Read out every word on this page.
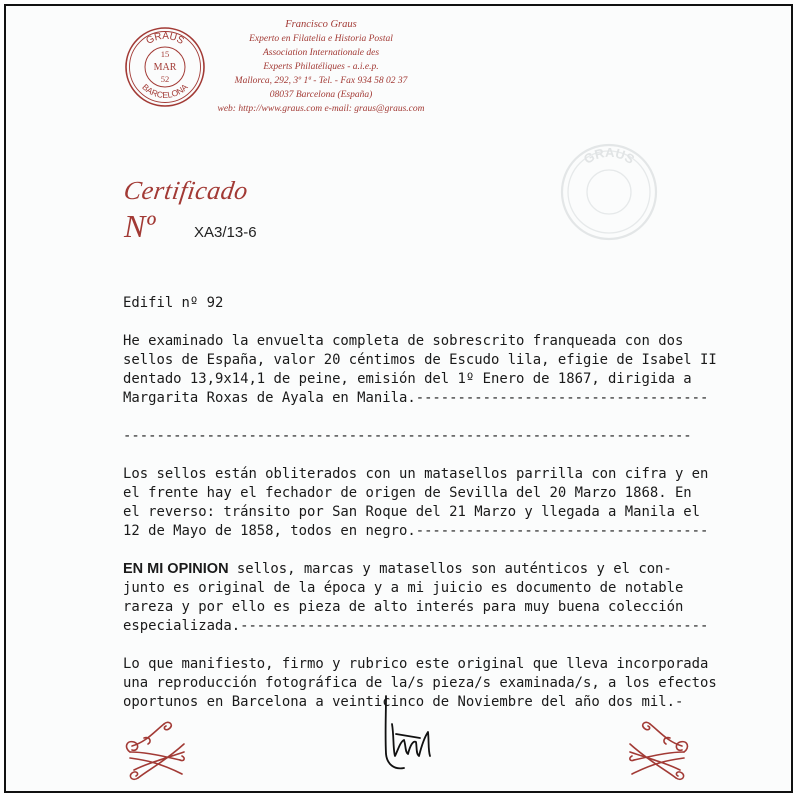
GRAUS
BARCELONA
15
MAR
52
Francisco Graus
Experto en Filatelia e Historia Postal
Association Internationale des
Experts Philatéliques - a.i.e.p.
Mallorca, 292, 3º 1ª - Tel. - Fax 934 58 02 37
08037 Barcelona (España)
web: http://www.graus.com e-mail: graus@graus.com
GRAUS
Certificado
Nº	XA3/13-6

Edifil nº 92

He examinado la envuelta completa de sobrescrito franqueada con dos
sellos de España, valor 20 céntimos de Escudo lila, efigie de Isabel II
dentado 13,9x14,1 de peine, emisión del 1º Enero de 1867, dirigida a
Margarita Roxas de Ayala en Manila.-----------------------------------

--------------------------------------------------------------------

Los sellos están obliterados con un matasellos parrilla con cifra y en
el frente hay el fechador de origen de Sevilla del 20 Marzo 1868. En
el reverso: tránsito por San Roque del 21 Marzo y llegada a Manila el
12 de Mayo de 1858, todos en negro.-----------------------------------

EN MI OPINION sellos, marcas y matasellos son auténticos y el con-
junto es original de la época y a mi juicio es documento de notable
rareza y por ello es pieza de alto interés para muy buena colección
especializada.--------------------------------------------------------

Lo que manifiesto, firmo y rubrico este original que lleva incorporada
una reproducción fotográfica de la/s pieza/s examinada/s, a los efectos
oportunos en Barcelona a veinticinco de Noviembre del año dos mil.-
